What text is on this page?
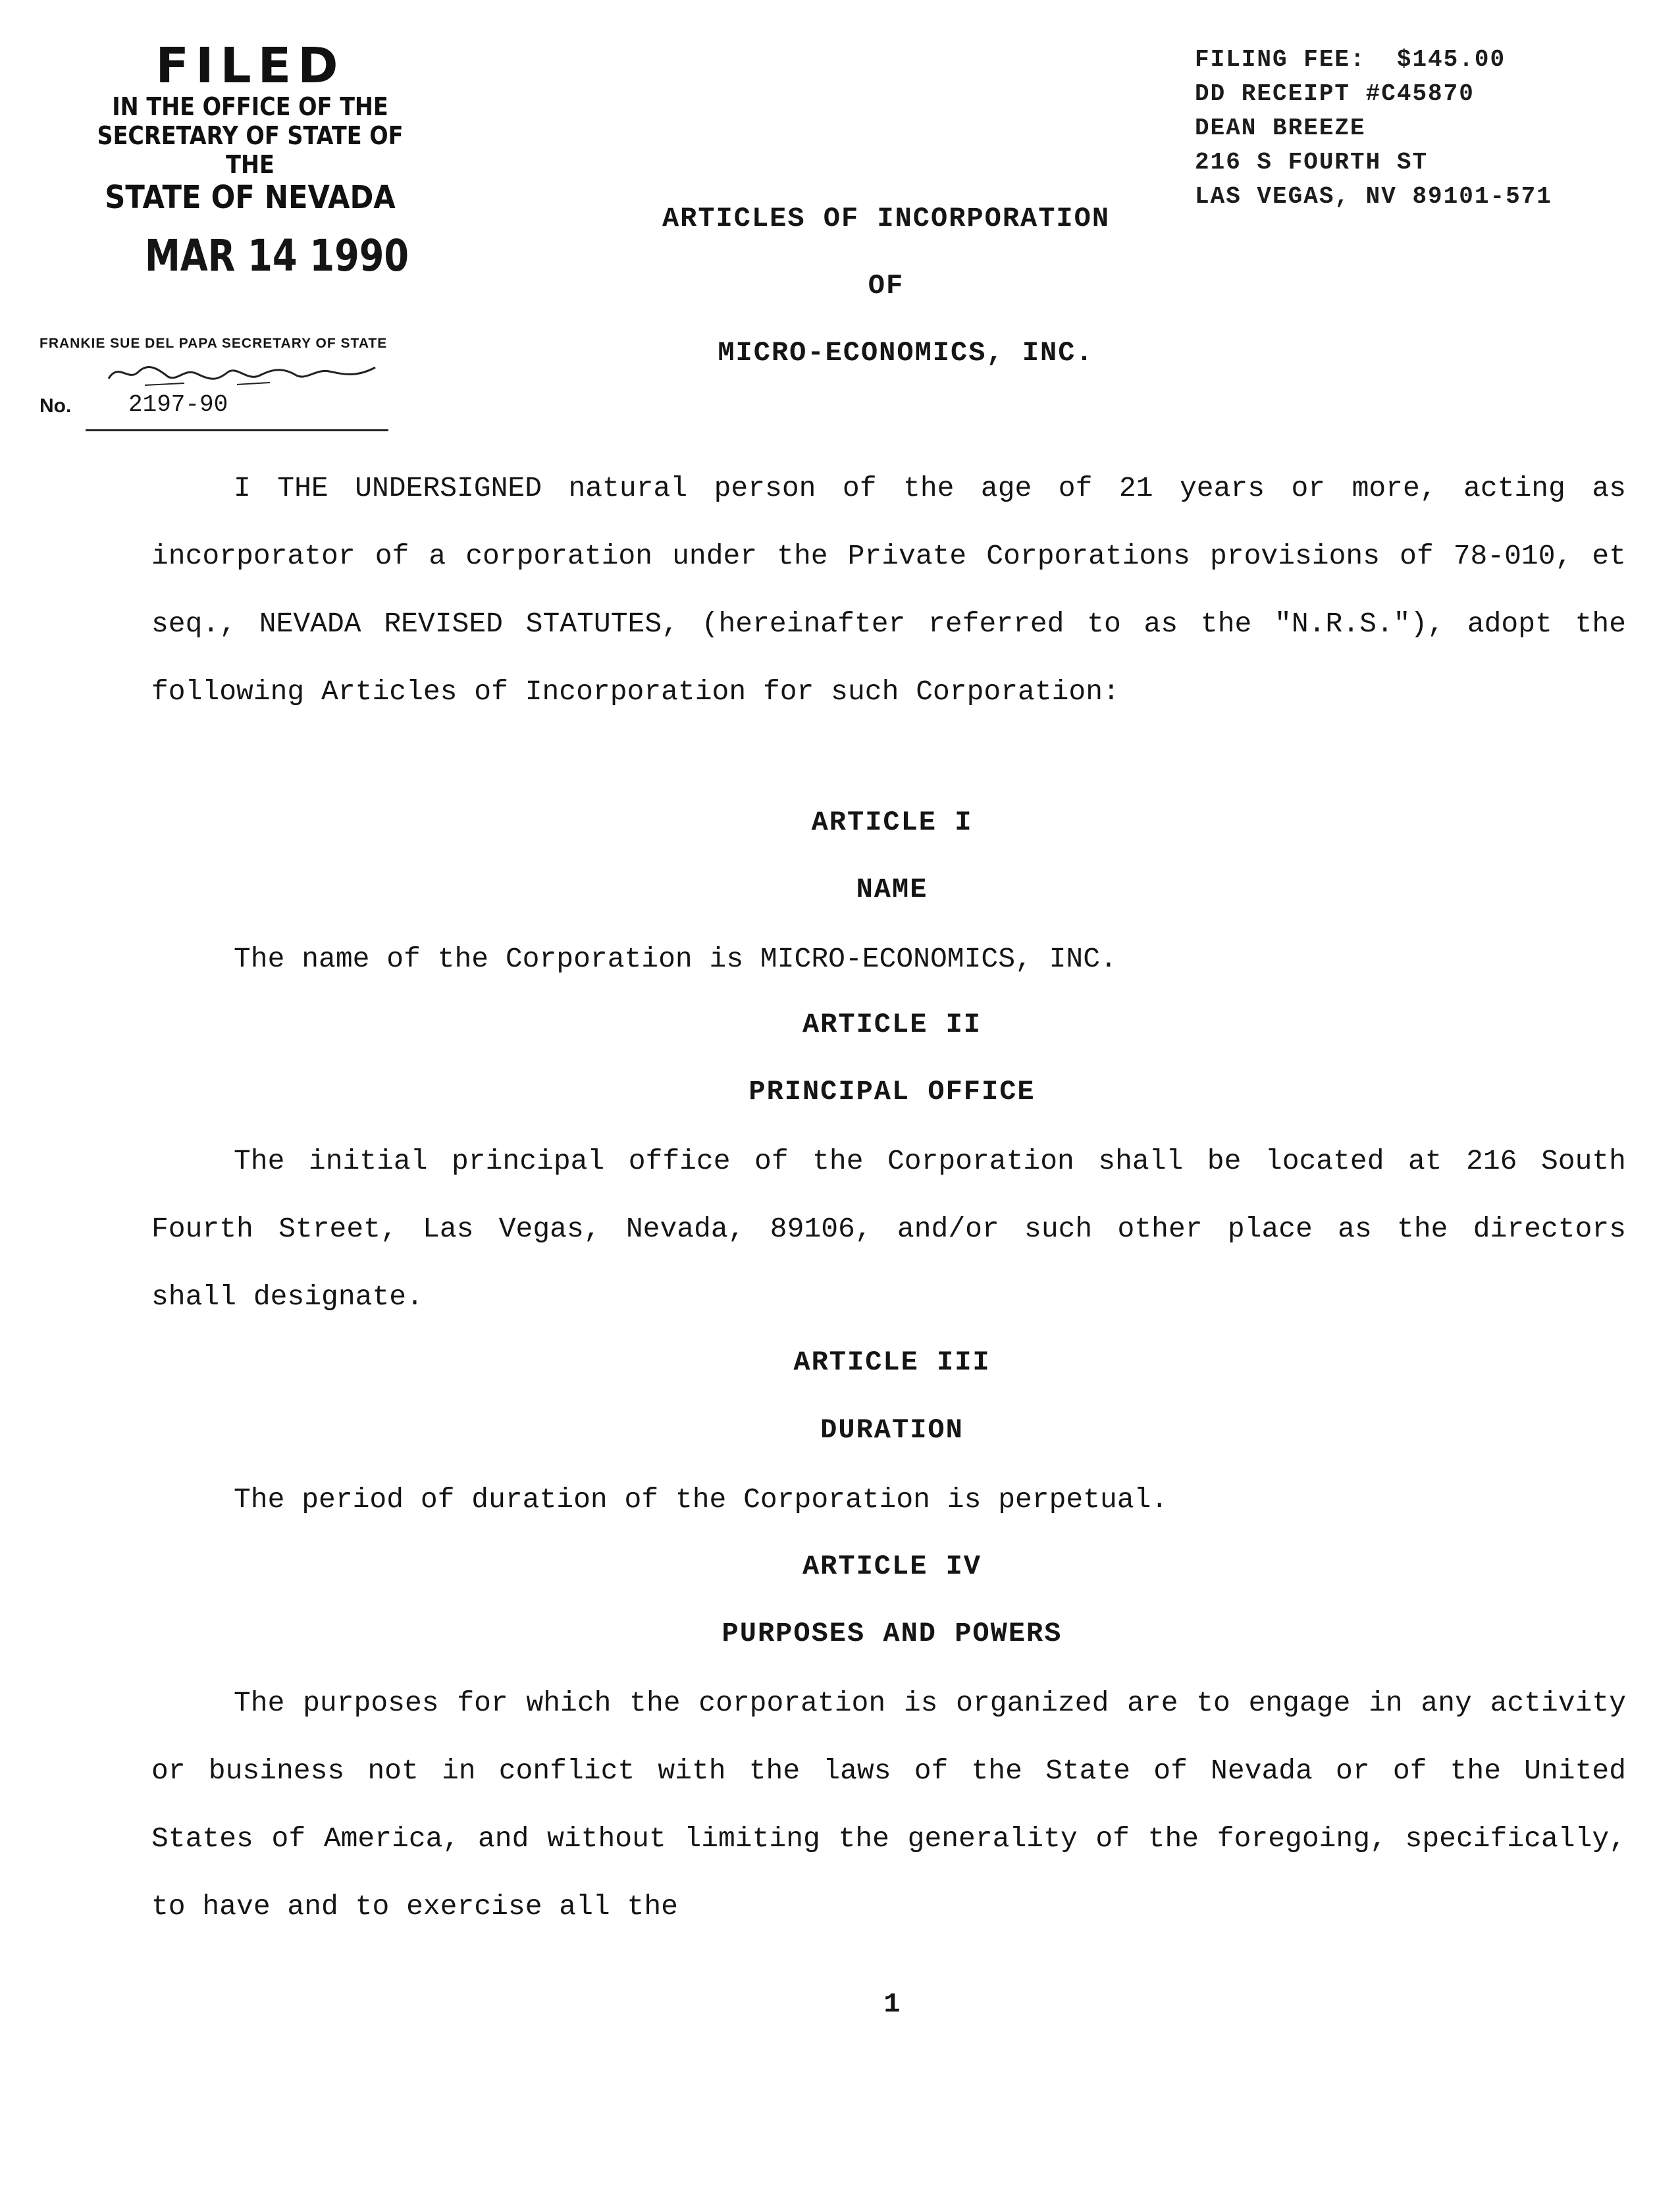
FILED
IN THE OFFICE OF THE
SECRETARY OF STATE OF THE
STATE OF NEVADA
MAR 14 1990
FRANKIE SUE DEL PAPA SECRETARY OF STATE
No. 2197-90
FILING FEE:  $145.00
DD RECEIPT #C45870
DEAN BREEZE
216 S FOURTH ST
LAS VEGAS, NV 89101-571
ARTICLES OF INCORPORATION
OF
MICRO-ECONOMICS, INC.
I THE UNDERSIGNED natural person of the age of 21 years or more, acting as incorporator of a corporation under the Private Corporations provisions of 78-010, et seq., NEVADA REVISED STATUTES, (hereinafter referred to as the "N.R.S."), adopt the following Articles of Incorporation for such Corporation:
ARTICLE I
NAME
The name of the Corporation is MICRO-ECONOMICS, INC.
ARTICLE II
PRINCIPAL OFFICE
The initial principal office of the Corporation shall be located at 216 South Fourth Street, Las Vegas, Nevada, 89106, and/or such other place as the directors shall designate.
ARTICLE III
DURATION
The period of duration of the Corporation is perpetual.
ARTICLE IV
PURPOSES AND POWERS
The purposes for which the corporation is organized are to engage in any activity or business not in conflict with the laws of the State of Nevada or of the United States of America, and without limiting the generality of the foregoing, specifically, to have and to exercise all the
1
